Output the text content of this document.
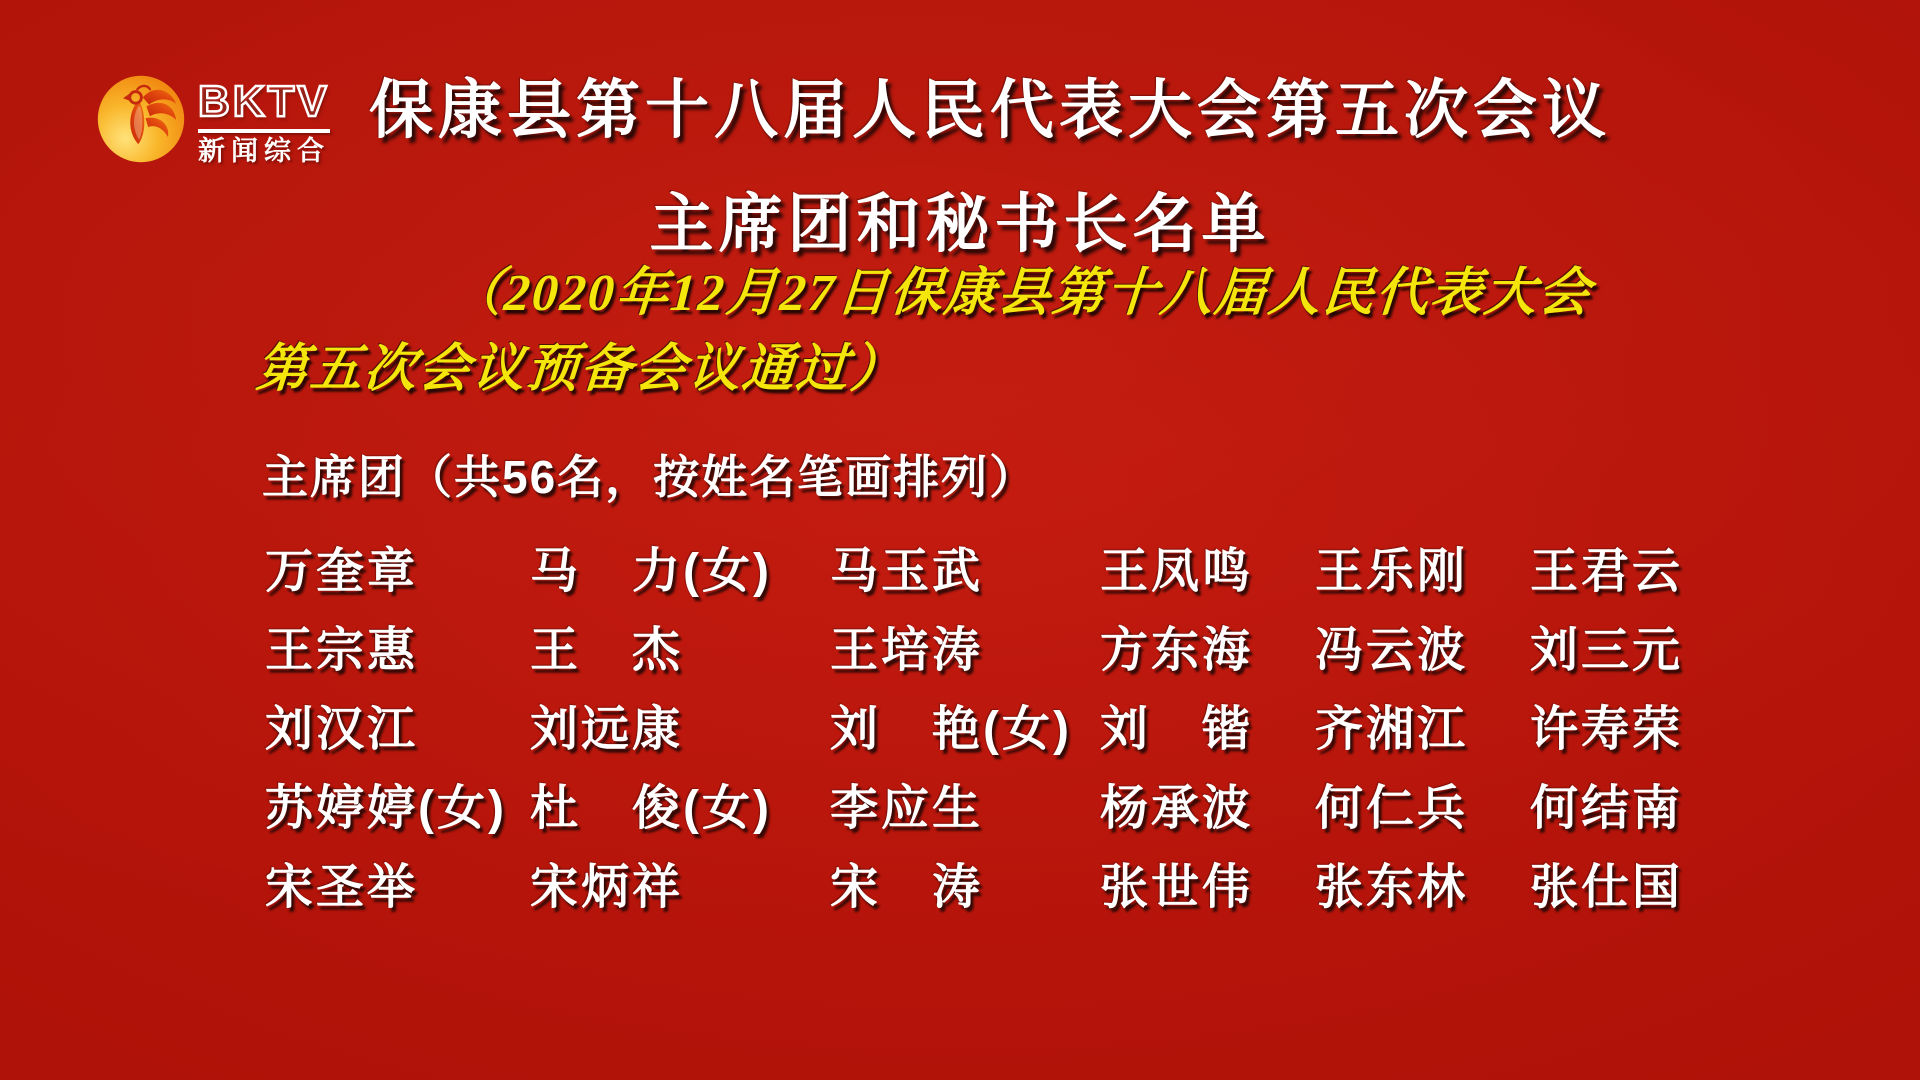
BKTV
新闻综合
保康县第十八届人民代表大会第五次会议
主席团和秘书长名单
（2020年12月27日保康县第十八届人民代表大会
第五次会议预备会议通过）
主席团（共56名，按姓名笔画排列）
万奎章	马　力(女)	马玉武	王凤鸣	王乐刚	王君云
王宗惠	王　杰	王培涛	方东海	冯云波	刘三元
刘汉江	刘远康	刘　艳(女) 刘　锴	齐湘江	许寿荣
苏婷婷(女) 杜　俊(女)	李应生	杨承波	何仁兵	何结南
宋圣举	宋炳祥	宋　涛	张世伟	张东林	张仕国
